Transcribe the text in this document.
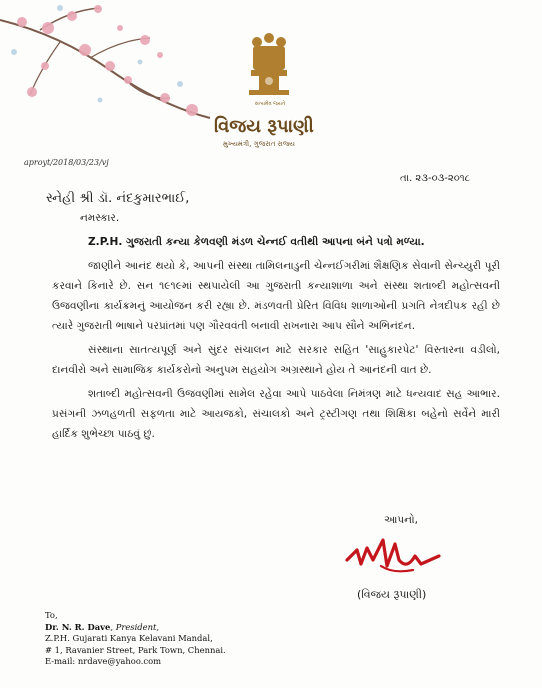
સત્યમેવ જયતે
વિજય રૂપાણી
મુખ્યમંત્રી, ગુજરાત રાજ્ય
aproyt/2018/03/23/vj
તા. ૨૩-૦૩-૨૦૧૮
સ્નેહી શ્રી ડૉ. નંદકુમારભાઈ,
નમસ્કાર.

Z.P.H. ગુજરાતી કન્યા કેળવણી મંડળ ચેન્નઈ વતીથી આપના બંને પત્રો મળ્યા.

જાણીને આનંદ થયો કે, આપની સંસ્થા તામિલનાડુની ચેન્નઈગરીમાં શૈક્ષણિક સેવાની સેન્ચ્યુરી પૂરી કરવાને કિનારે છે. સન ૧૯૧૯માં સ્થપાયેલી આ ગુજરાતી કન્યાશાળા અને સંસ્થા શતાબ્દી મહોત્સવની ઉજવણીના કાર્યક્રમનું આયોજન કરી રહ્યા છે. મંડળવતી પ્રેરિત વિવિધ શાળાઓની પ્રગતિ નેત્રદીપક રહી છે ત્યારે ગુજરાતી ભાષાને પરપ્રાંતમાં પણ ગૌરવવંતી બનાવી રાખનારા આપ સૌને અભિનંદન.

સંસ્થાના સાતત્યપૂર્ણ અને સુંદર સંચાલન માટે સરકાર સહિત 'સાહુકારપેટ' વિસ્તારના વડીલો, દાનવીરો અને સામાજિક કાર્યકરોનો અનુપમ સહયોગ અગ્રસ્થાને હોય તે આનંદની વાત છે.

શતાબ્દી મહોત્સવની ઉજવણીમાં સામેલ રહેવા આપે પાઠવેલા નિમંત્રણ માટે ધન્યવાદ સહ આભાર. પ્રસંગની ઝળહળતી સફળતા માટે આયજકો, સંચાલકો અને ટ્રસ્ટીગણ તથા શિક્ષિકા બહેનો સર્વેને મારી હાર્દિક શુભેચ્છા પાઠવું છું.

આપનો,
(વિજય રૂપાણી)
To,
Dr. N. R. Dave, President,
Z.P.H. Gujarati Kanya Kelavani Mandal,
# 1, Ravanier Street, Park Town, Chennai.
E-mail: nrdave@yahoo.com
